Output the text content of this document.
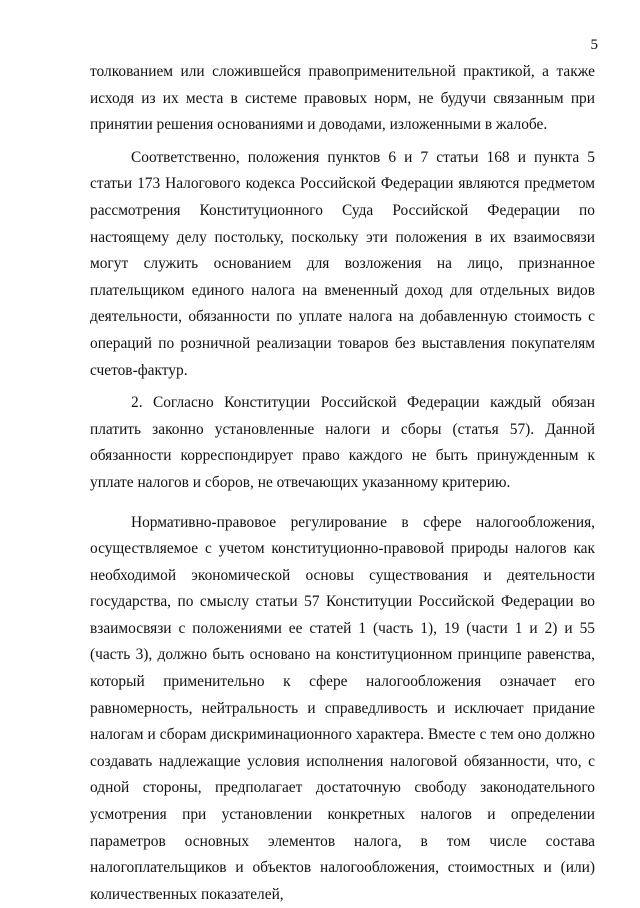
5

толкованием или сложившейся правоприменительной практикой, а также исходя из их места в системе правовых норм, не будучи связанным при принятии решения основаниями и доводами, изложенными в жалобе.

Соответственно, положения пунктов 6 и 7 статьи 168 и пункта 5 статьи 173 Налогового кодекса Российской Федерации являются предметом рассмотрения Конституционного Суда Российской Федерации по настоящему делу постольку, поскольку эти положения в их взаимосвязи могут служить основанием для возложения на лицо, признанное плательщиком единого налога на вмененный доход для отдельных видов деятельности, обязанности по уплате налога на добавленную стоимость с операций по розничной реализации товаров без выставления покупателям счетов-фактур.

2. Согласно Конституции Российской Федерации каждый обязан платить законно установленные налоги и сборы (статья 57). Данной обязанности корреспондирует право каждого не быть принужденным к уплате налогов и сборов, не отвечающих указанному критерию.

Нормативно-правовое регулирование в сфере налогообложения, осуществляемое с учетом конституционно-правовой природы налогов как необходимой экономической основы существования и деятельности государства, по смыслу статьи 57 Конституции Российской Федерации во взаимосвязи с положениями ее статей 1 (часть 1), 19 (части 1 и 2) и 55 (часть 3), должно быть основано на конституционном принципе равенства, который применительно к сфере налогообложения означает его равномерность, нейтральность и справедливость и исключает придание налогам и сборам дискриминационного характера. Вместе с тем оно должно создавать надлежащие условия исполнения налоговой обязанности, что, с одной стороны, предполагает достаточную свободу законодательного усмотрения при установлении конкретных налогов и определении параметров основных элементов налога, в том числе состава налогоплательщиков и объектов налогообложения, стоимостных и (или) количественных показателей,
